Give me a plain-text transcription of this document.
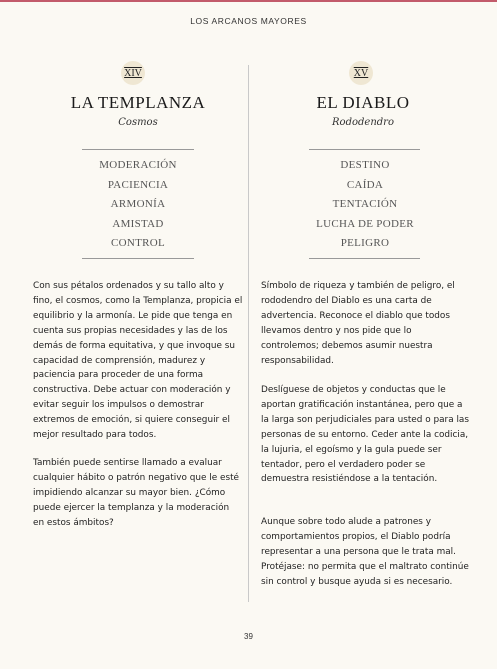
LOS ARCANOS MAYORES
XIV
LA TEMPLANZA
Cosmos
MODERACIÓN
PACIENCIA
ARMONÍA
AMISTAD
CONTROL

Con sus pétalos ordenados y su tallo alto y fino, el cosmos, como la Templanza, propicia el equilibrio y la armonía. Le pide que tenga en cuenta sus propias necesidades y las de los demás de forma equitativa, y que invoque su capacidad de comprensión, madurez y paciencia para proceder de una forma constructiva. Debe actuar con moderación y evitar seguir los impulsos o demostrar extremos de emoción, si quiere conseguir el mejor resultado para todos.

También puede sentirse llamado a evaluar cualquier hábito o patrón negativo que le esté impidiendo alcanzar su mayor bien. ¿Cómo puede ejercer la templanza y la moderación en estos ámbitos?

XV
EL DIABLO
Rododendro
DESTINO
CAÍDA
TENTACIÓN
LUCHA DE PODER
PELIGRO

Símbolo de riqueza y también de peligro, el rododendro del Diablo es una carta de advertencia. Reconoce el diablo que todos llevamos dentro y nos pide que lo controlemos; debemos asumir nuestra responsabilidad.

Deslíguese de objetos y conductas que le aportan gratificación instantánea, pero que a la larga son perjudiciales para usted o para las personas de su entorno. Ceder ante la codicia, la lujuria, el egoísmo y la gula puede ser tentador, pero el verdadero poder se demuestra resistiéndose a la tentación.

Aunque sobre todo alude a patrones y comportamientos propios, el Diablo podría representar a una persona que le trata mal. Protéjase: no permita que el maltrato continúe sin control y busque ayuda si es necesario.

39
